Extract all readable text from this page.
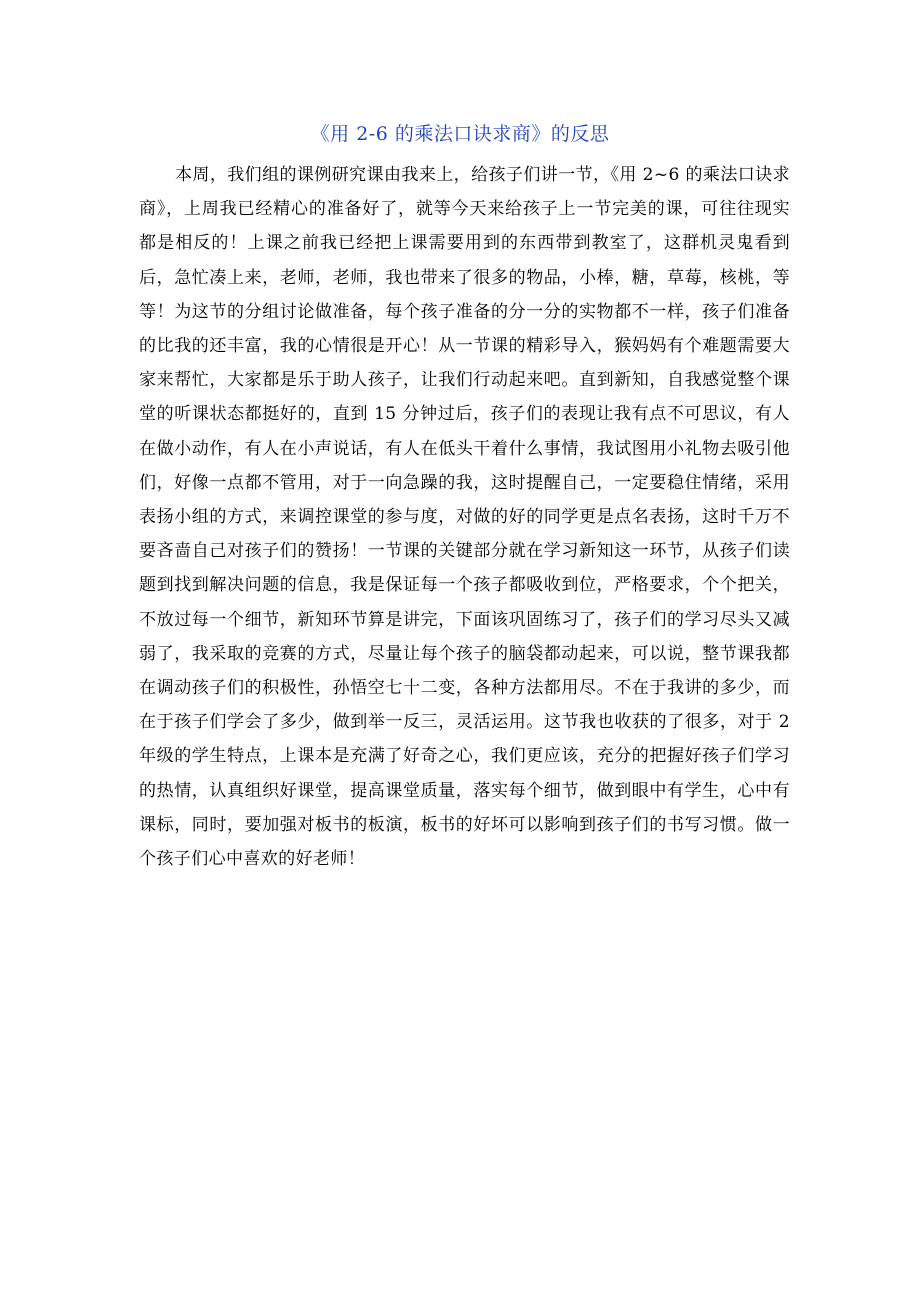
《用 2-6 的乘法口诀求商》的反思

本周，我们组的课例研究课由我来上，给孩子们讲一节，《用 2~6 的乘法口诀求商》，上周我已经精心的准备好了，就等今天来给孩子上一节完美的课，可往往现实都是相反的！上课之前我已经把上课需要用到的东西带到教室了，这群机灵鬼看到后，急忙凑上来，老师，老师，我也带来了很多的物品，小棒，糖，草莓，核桃，等等！为这节的分组讨论做准备，每个孩子准备的分一分的实物都不一样，孩子们准备的比我的还丰富，我的心情很是开心！从一节课的精彩导入，猴妈妈有个难题需要大家来帮忙，大家都是乐于助人孩子，让我们行动起来吧。直到新知，自我感觉整个课堂的听课状态都挺好的，直到 15 分钟过后，孩子们的表现让我有点不可思议，有人在做小动作，有人在小声说话，有人在低头干着什么事情，我试图用小礼物去吸引他们，好像一点都不管用，对于一向急躁的我，这时提醒自己，一定要稳住情绪，采用表扬小组的方式，来调控课堂的参与度，对做的好的同学更是点名表扬，这时千万不要吝啬自己对孩子们的赞扬！一节课的关键部分就在学习新知这一环节，从孩子们读题到找到解决问题的信息，我是保证每一个孩子都吸收到位，严格要求，个个把关，不放过每一个细节，新知环节算是讲完，下面该巩固练习了，孩子们的学习尽头又减弱了，我采取的竞赛的方式，尽量让每个孩子的脑袋都动起来，可以说，整节课我都在调动孩子们的积极性，孙悟空七十二变，各种方法都用尽。不在于我讲的多少，而在于孩子们学会了多少，做到举一反三，灵活运用。这节我也收获的了很多，对于 2 年级的学生特点，上课本是充满了好奇之心，我们更应该，充分的把握好孩子们学习的热情，认真组织好课堂，提高课堂质量，落实每个细节，做到眼中有学生，心中有课标，同时，要加强对板书的板演，板书的好坏可以影响到孩子们的书写习惯。做一个孩子们心中喜欢的好老师！
